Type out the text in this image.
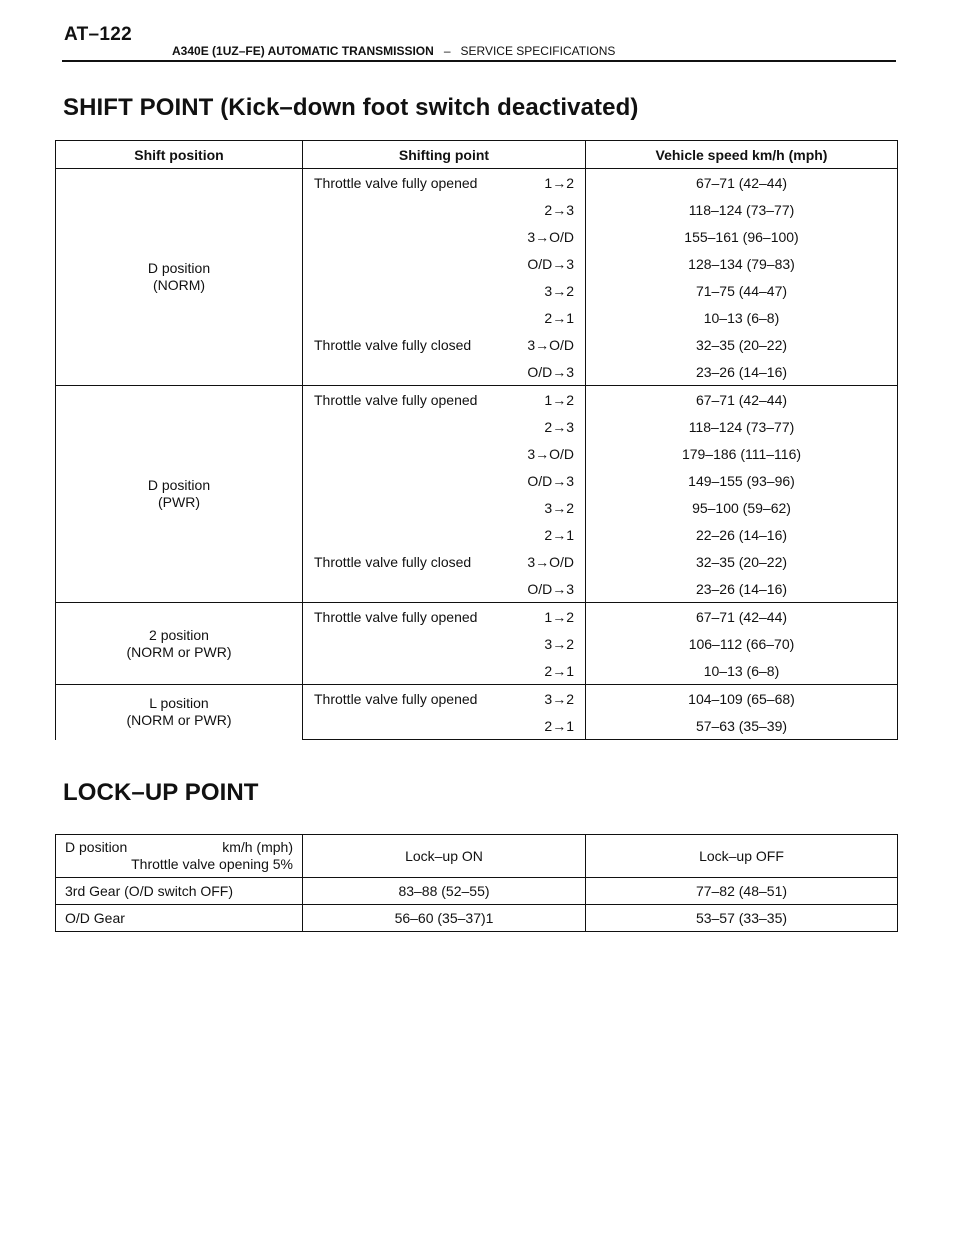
AT–122
A340E (1UZ–FE) AUTOMATIC TRANSMISSION – SERVICE SPECIFICATIONS
SHIFT POINT (Kick–down foot switch deactivated)
Shift position	Shifting point	Vehicle speed km/h (mph)

D position
(NORM)	Throttle valve fully opened 1→2	67–71 (42–44)

	2→3	118–124 (73–77)

	3→O/D	155–161 (96–100)

	O/D→3	128–134 (79–83)

	3→2	71–75 (44–47)

	2→1	10–13 (6–8)

	Throttle valve fully closed 3→O/D	32–35 (20–22)

	O/D→3	23–26 (14–16)

D position
(PWR)	Throttle valve fully opened 1→2	67–71 (42–44)

	2→3	118–124 (73–77)

	3→O/D	179–186 (111–116)

	O/D→3	149–155 (93–96)

	3→2	95–100 (59–62)

	2→1	22–26 (14–16)

	Throttle valve fully closed 3→O/D	32–35 (20–22)

	O/D→3	23–26 (14–16)

2 position
(NORM or PWR)	Throttle valve fully opened 1→2	67–71 (42–44)

	3→2	106–112 (66–70)

	2→1	10–13 (6–8)

L position
(NORM or PWR)	Throttle valve fully opened 3→2	104–109 (65–68)

	2→1	57–63 (35–39)
LOCK–UP POINT
D position km/h (mph)
Throttle valve opening 5%	Lock–up ON	Lock–up OFF
3rd Gear (O/D switch OFF)	83–88 (52–55)	77–82 (48–51)
O/D Gear	56–60 (35–37)1	53–57 (33–35)
